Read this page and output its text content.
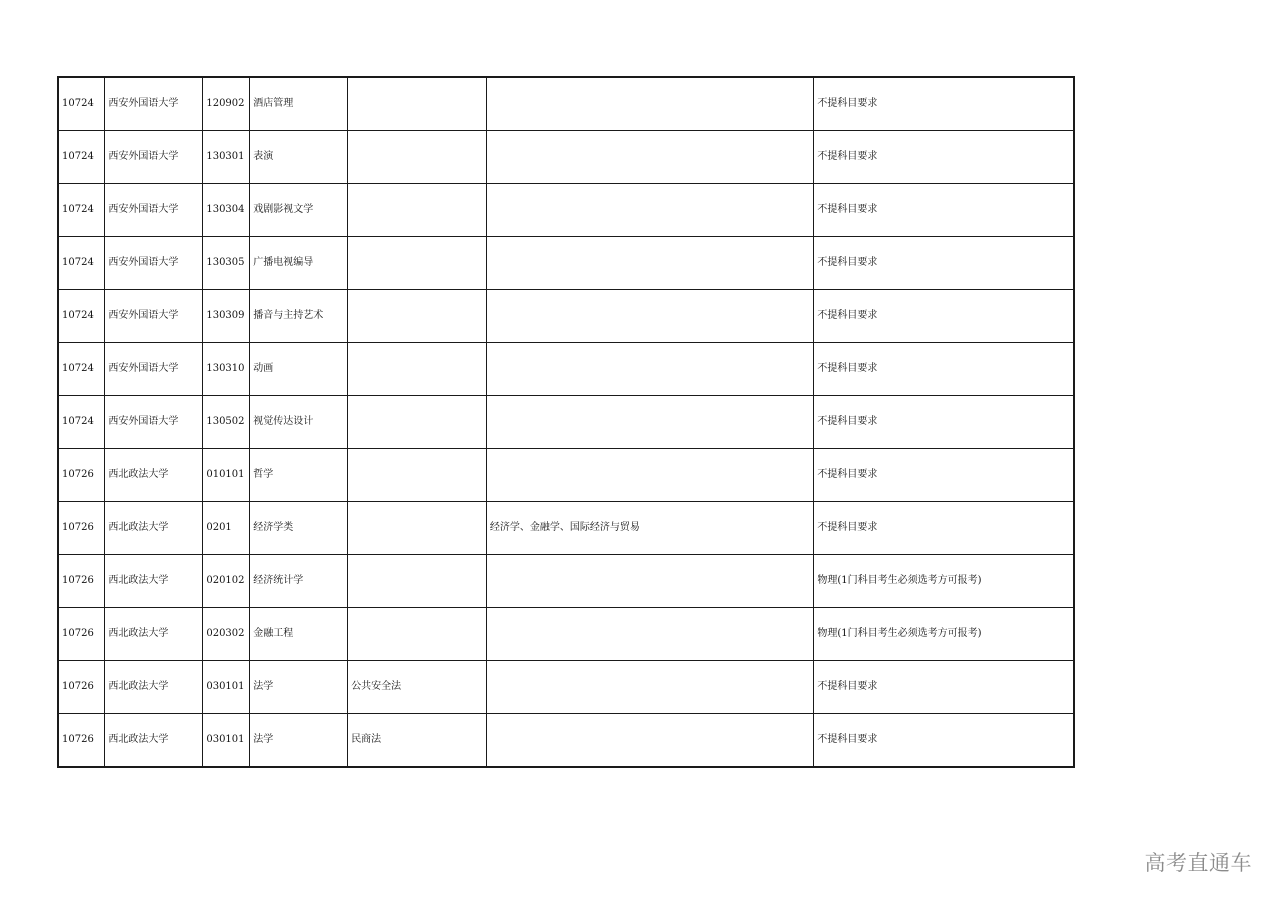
10724	西安外国语大学	120902	酒店管理			不提科目要求
10724	西安外国语大学	130301	表演			不提科目要求
10724	西安外国语大学	130304	戏剧影视文学			不提科目要求
10724	西安外国语大学	130305	广播电视编导			不提科目要求
10724	西安外国语大学	130309	播音与主持艺术			不提科目要求
10724	西安外国语大学	130310	动画			不提科目要求
10724	西安外国语大学	130502	视觉传达设计			不提科目要求
10726	西北政法大学	010101	哲学			不提科目要求
10726	西北政法大学	0201	经济学类		经济学、金融学、国际经济与贸易	不提科目要求
10726	西北政法大学	020102	经济统计学			物理(1门科目考生必须选考方可报考)
10726	西北政法大学	020302	金融工程			物理(1门科目考生必须选考方可报考)
10726	西北政法大学	030101	法学	公共安全法		不提科目要求
10726	西北政法大学	030101	法学	民商法		不提科目要求
高考直通车
